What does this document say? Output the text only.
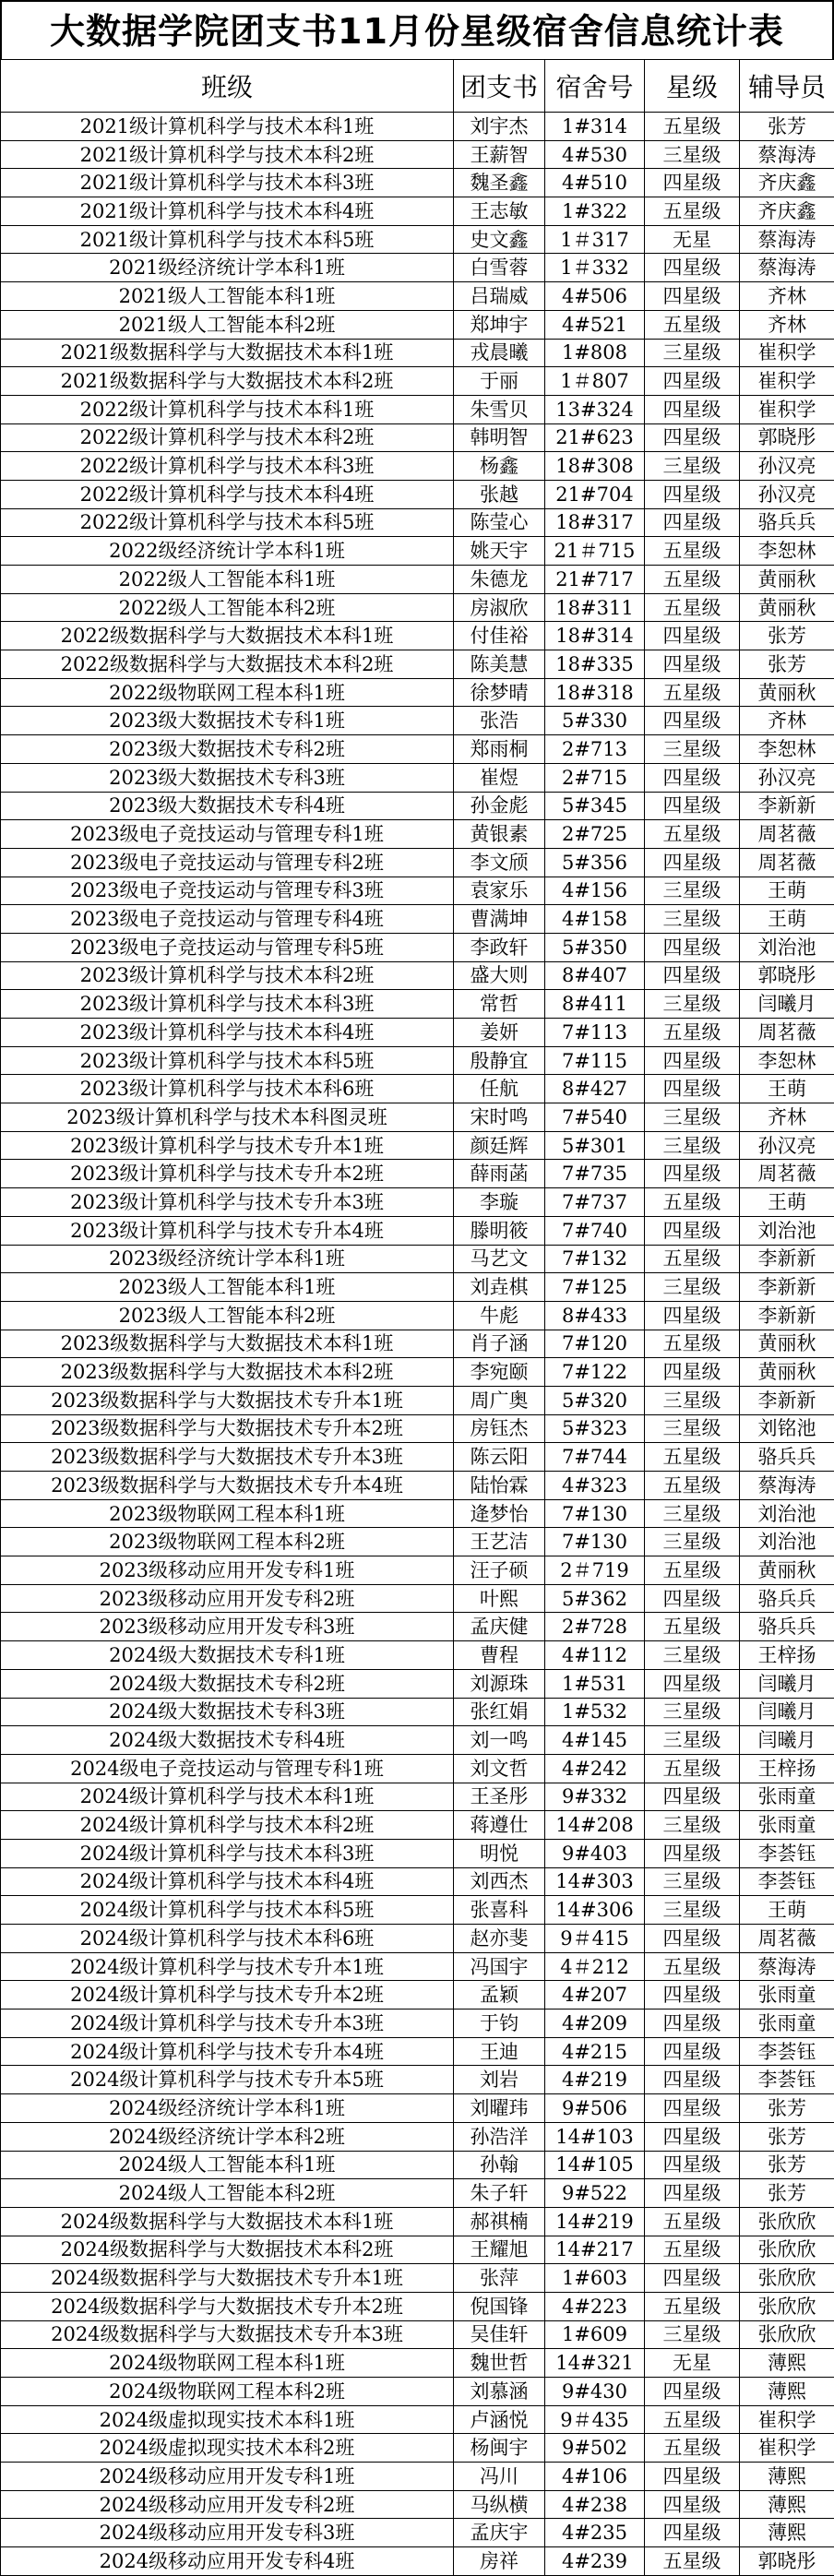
大数据学院团支书11月份星级宿舍信息统计表
班级	团支书	宿舍号	星级	辅导员
2021级计算机科学与技术本科1班	刘宇杰	1#314	五星级	张芳
2021级计算机科学与技术本科2班	王薪智	4#530	三星级	蔡海涛
2021级计算机科学与技术本科3班	魏圣鑫	4#510	四星级	齐庆鑫
2021级计算机科学与技术本科4班	王志敏	1#322	五星级	齐庆鑫
2021级计算机科学与技术本科5班	史文鑫	1＃317	无星	蔡海涛
2021级经济统计学本科1班	白雪蓉	1＃332	四星级	蔡海涛
2021级人工智能本科1班	吕瑞威	4#506	四星级	齐林
2021级人工智能本科2班	郑坤宇	4#521	五星级	齐林
2021级数据科学与大数据技术本科1班	戎晨曦	1#808	三星级	崔积学
2021级数据科学与大数据技术本科2班	于丽	1＃807	四星级	崔积学
2022级计算机科学与技术本科1班	朱雪贝	13#324	四星级	崔积学
2022级计算机科学与技术本科2班	韩明智	21#623	四星级	郭晓彤
2022级计算机科学与技术本科3班	杨鑫	18#308	三星级	孙汉亮
2022级计算机科学与技术本科4班	张越	21#704	四星级	孙汉亮
2022级计算机科学与技术本科5班	陈莹心	18#317	四星级	骆兵兵
2022级经济统计学本科1班	姚天宇	21＃715	五星级	李恕林
2022级人工智能本科1班	朱德龙	21#717	五星级	黄丽秋
2022级人工智能本科2班	房淑欣	18#311	五星级	黄丽秋
2022级数据科学与大数据技术本科1班	付佳裕	18#314	四星级	张芳
2022级数据科学与大数据技术本科2班	陈美慧	18#335	四星级	张芳
2022级物联网工程本科1班	徐梦晴	18#318	五星级	黄丽秋
2023级大数据技术专科1班	张浩	5#330	四星级	齐林
2023级大数据技术专科2班	郑雨桐	2#713	三星级	李恕林
2023级大数据技术专科3班	崔煜	2#715	四星级	孙汉亮
2023级大数据技术专科4班	孙金彪	5#345	四星级	李新新
2023级电子竞技运动与管理专科1班	黄银素	2#725	五星级	周茗薇
2023级电子竞技运动与管理专科2班	李文颀	5#356	四星级	周茗薇
2023级电子竞技运动与管理专科3班	袁家乐	4#156	三星级	王萌
2023级电子竞技运动与管理专科4班	曹满坤	4#158	三星级	王萌
2023级电子竞技运动与管理专科5班	李政轩	5#350	四星级	刘治池
2023级计算机科学与技术本科2班	盛大则	8#407	四星级	郭晓彤
2023级计算机科学与技术本科3班	常哲	8#411	三星级	闫曦月
2023级计算机科学与技术本科4班	姜妍	7#113	五星级	周茗薇
2023级计算机科学与技术本科5班	殷静宜	7#115	四星级	李恕林
2023级计算机科学与技术本科6班	任航	8#427	四星级	王萌
2023级计算机科学与技术本科图灵班	宋时鸣	7#540	三星级	齐林
2023级计算机科学与技术专升本1班	颜廷辉	5#301	三星级	孙汉亮
2023级计算机科学与技术专升本2班	薛雨菡	7#735	四星级	周茗薇
2023级计算机科学与技术专升本3班	李璇	7#737	五星级	王萌
2023级计算机科学与技术专升本4班	滕明筱	7#740	四星级	刘治池
2023级经济统计学本科1班	马艺文	7#132	五星级	李新新
2023级人工智能本科1班	刘垚棋	7#125	三星级	李新新
2023级人工智能本科2班	牛彪	8#433	四星级	李新新
2023级数据科学与大数据技术本科1班	肖子涵	7#120	五星级	黄丽秋
2023级数据科学与大数据技术本科2班	李宛颐	7#122	四星级	黄丽秋
2023级数据科学与大数据技术专升本1班	周广奥	5#320	三星级	李新新
2023级数据科学与大数据技术专升本2班	房钰杰	5#323	三星级	刘铭池
2023级数据科学与大数据技术专升本3班	陈云阳	7#744	五星级	骆兵兵
2023级数据科学与大数据技术专升本4班	陆怡霖	4#323	五星级	蔡海涛
2023级物联网工程本科1班	逄梦怡	7#130	三星级	刘治池
2023级物联网工程本科2班	王艺洁	7#130	三星级	刘治池
2023级移动应用开发专科1班	汪子硕	2＃719	五星级	黄丽秋
2023级移动应用开发专科2班	叶熙	5#362	四星级	骆兵兵
2023级移动应用开发专科3班	孟庆健	2#728	五星级	骆兵兵
2024级大数据技术专科1班	曹程	4#112	三星级	王梓扬
2024级大数据技术专科2班	刘源珠	1#531	四星级	闫曦月
2024级大数据技术专科3班	张红娟	1#532	三星级	闫曦月
2024级大数据技术专科4班	刘一鸣	4#145	三星级	闫曦月
2024级电子竞技运动与管理专科1班	刘文哲	4#242	五星级	王梓扬
2024级计算机科学与技术本科1班	王圣彤	9#332	四星级	张雨童
2024级计算机科学与技术本科2班	蒋遵仕	14#208	三星级	张雨童
2024级计算机科学与技术本科3班	明悦	9#403	四星级	李荟钰
2024级计算机科学与技术本科4班	刘西杰	14#303	三星级	李荟钰
2024级计算机科学与技术本科5班	张喜科	14#306	三星级	王萌
2024级计算机科学与技术本科6班	赵亦斐	9＃415	四星级	周茗薇
2024级计算机科学与技术专升本1班	冯国宇	4＃212	五星级	蔡海涛
2024级计算机科学与技术专升本2班	孟颖	4#207	四星级	张雨童
2024级计算机科学与技术专升本3班	于钧	4#209	四星级	张雨童
2024级计算机科学与技术专升本4班	王迪	4#215	四星级	李荟钰
2024级计算机科学与技术专升本5班	刘岩	4#219	四星级	李荟钰
2024级经济统计学本科1班	刘曜玮	9#506	四星级	张芳
2024级经济统计学本科2班	孙浩洋	14#103	四星级	张芳
2024级人工智能本科1班	孙翰	14#105	四星级	张芳
2024级人工智能本科2班	朱子轩	9#522	四星级	张芳
2024级数据科学与大数据技术本科1班	郝祺楠	14#219	五星级	张欣欣
2024级数据科学与大数据技术本科2班	王耀旭	14#217	五星级	张欣欣
2024级数据科学与大数据技术专升本1班	张萍	1#603	四星级	张欣欣
2024级数据科学与大数据技术专升本2班	倪国锋	4#223	五星级	张欣欣
2024级数据科学与大数据技术专升本3班	吴佳轩	1#609	三星级	张欣欣
2024级物联网工程本科1班	魏世哲	14#321	无星	薄熙
2024级物联网工程本科2班	刘慕涵	9#430	四星级	薄熙
2024级虚拟现实技术本科1班	卢涵悦	9＃435	五星级	崔积学
2024级虚拟现实技术本科2班	杨闽宇	9#502	五星级	崔积学
2024级移动应用开发专科1班	冯川	4#106	四星级	薄熙
2024级移动应用开发专科2班	马纵横	4#238	四星级	薄熙
2024级移动应用开发专科3班	孟庆宇	4#235	四星级	薄熙
2024级移动应用开发专科4班	房祥	4#239	五星级	郭晓彤
